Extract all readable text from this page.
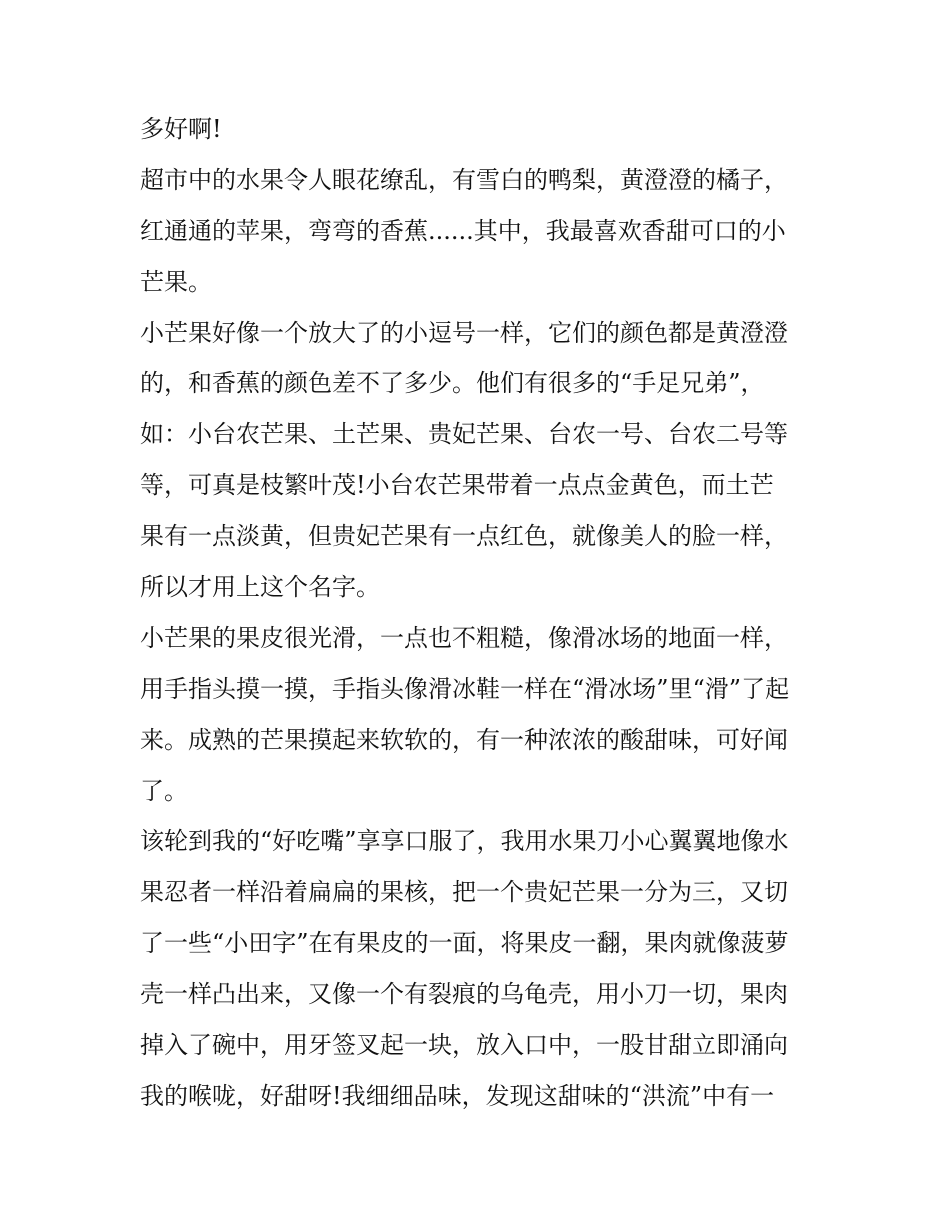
多好啊!
超市中的水果令人眼花缭乱，有雪白的鸭梨，黄澄澄的橘子，
红通通的苹果，弯弯的香蕉......其中，我最喜欢香甜可口的小
芒果。
小芒果好像一个放大了的小逗号一样，它们的颜色都是黄澄澄
的，和香蕉的颜色差不了多少。他们有很多的“手足兄弟”，
如：小台农芒果、土芒果、贵妃芒果、台农一号、台农二号等
等，可真是枝繁叶茂!小台农芒果带着一点点金黄色，而土芒
果有一点淡黄，但贵妃芒果有一点红色，就像美人的脸一样，
所以才用上这个名字。
小芒果的果皮很光滑，一点也不粗糙，像滑冰场的地面一样，
用手指头摸一摸，手指头像滑冰鞋一样在“滑冰场”里“滑”了起
来。成熟的芒果摸起来软软的，有一种浓浓的酸甜味，可好闻
了。
该轮到我的“好吃嘴”享享口服了，我用水果刀小心翼翼地像水
果忍者一样沿着扁扁的果核，把一个贵妃芒果一分为三，又切
了一些“小田字”在有果皮的一面，将果皮一翻，果肉就像菠萝
壳一样凸出来，又像一个有裂痕的乌龟壳，用小刀一切，果肉
掉入了碗中，用牙签叉起一块，放入口中，一股甘甜立即涌向
我的喉咙，好甜呀!我细细品味，发现这甜味的“洪流”中有一
